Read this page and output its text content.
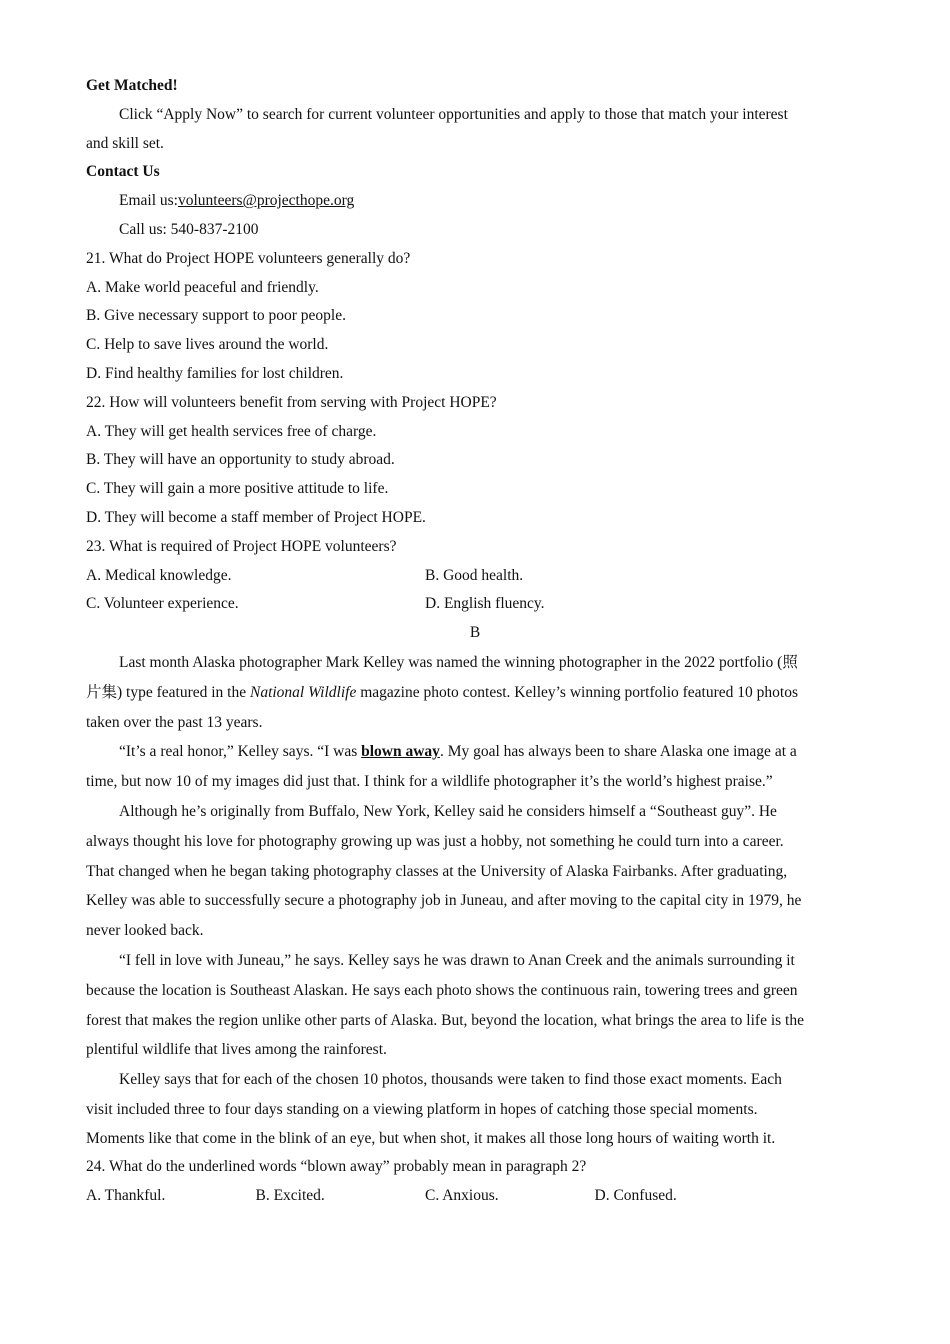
Get Matched!
Click “Apply Now” to search for current volunteer opportunities and apply to those that match your interest
and skill set.
Contact Us
Email us:volunteers@projecthope.org
Call us: 540-837-2100
21. What do Project HOPE volunteers generally do?
A. Make world peaceful and friendly.
B. Give necessary support to poor people.
C. Help to save lives around the world.
D. Find healthy families for lost children.
22. How will volunteers benefit from serving with Project HOPE?
A. They will get health services free of charge.
B. They will have an opportunity to study abroad.
C. They will gain a more positive attitude to life.
D. They will become a staff member of Project HOPE.
23. What is required of Project HOPE volunteers?
A. Medical knowledge.	B. Good health.
C. Volunteer experience.	D. English fluency.
B
Last month Alaska photographer Mark Kelley was named the winning photographer in the 2022 portfolio (照
片集) type featured in the National Wildlife magazine photo contest. Kelley’s winning portfolio featured 10 photos
taken over the past 13 years.
“It’s a real honor,” Kelley says. “I was blown away. My goal has always been to share Alaska one image at a
time, but now 10 of my images did just that. I think for a wildlife photographer it’s the world’s highest praise.”
Although he’s originally from Buffalo, New York, Kelley said he considers himself a “Southeast guy”. He
always thought his love for photography growing up was just a hobby, not something he could turn into a career.
That changed when he began taking photography classes at the University of Alaska Fairbanks. After graduating,
Kelley was able to successfully secure a photography job in Juneau, and after moving to the capital city in 1979, he
never looked back.
“I fell in love with Juneau,” he says. Kelley says he was drawn to Anan Creek and the animals surrounding it
because the location is Southeast Alaskan. He says each photo shows the continuous rain, towering trees and green
forest that makes the region unlike other parts of Alaska. But, beyond the location, what brings the area to life is the
plentiful wildlife that lives among the rainforest.
Kelley says that for each of the chosen 10 photos, thousands were taken to find those exact moments. Each
visit included three to four days standing on a viewing platform in hopes of catching those special moments.
Moments like that come in the blink of an eye, but when shot, it makes all those long hours of waiting worth it.
24. What do the underlined words “blown away” probably mean in paragraph 2?
A. Thankful.	B. Excited.	C. Anxious.	D. Confused.
